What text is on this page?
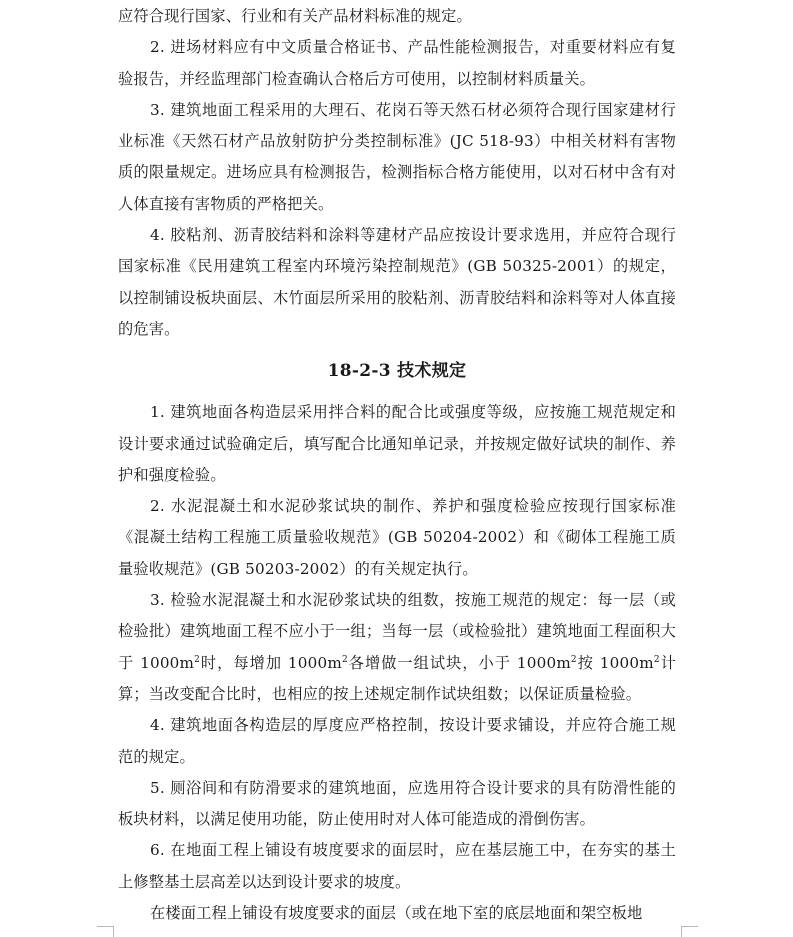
应符合现行国家、行业和有关产品材料标准的规定。

2. 进场材料应有中文质量合格证书、产品性能检测报告，对重要材料应有复验报告，并经监理部门检查确认合格后方可使用，以控制材料质量关。

3. 建筑地面工程采用的大理石、花岗石等天然石材必须符合现行国家建材行业标准《天然石材产品放射防护分类控制标准》(JC 518-93）中相关材料有害物质的限量规定。进场应具有检测报告，检测指标合格方能使用，以对石材中含有对人体直接有害物质的严格把关。

4. 胶粘剂、沥青胶结料和涂料等建材产品应按设计要求选用，并应符合现行国家标准《民用建筑工程室内环境污染控制规范》(GB 50325-2001）的规定，以控制铺设板块面层、木竹面层所采用的胶粘剂、沥青胶结料和涂料等对人体直接的危害。

18-2-3 技术规定

1. 建筑地面各构造层采用拌合料的配合比或强度等级，应按施工规范规定和设计要求通过试验确定后，填写配合比通知单记录，并按规定做好试块的制作、养护和强度检验。

2. 水泥混凝土和水泥砂浆试块的制作、养护和强度检验应按现行国家标准《混凝土结构工程施工质量验收规范》(GB 50204-2002）和《砌体工程施工质量验收规范》(GB 50203-2002）的有关规定执行。

3. 检验水泥混凝土和水泥砂浆试块的组数，按施工规范的规定：每一层（或检验批）建筑地面工程不应小于一组；当每一层（或检验批）建筑地面工程面积大于 $1000m^2$时，每增加 $1000m^2$各增做一组试块，小于 $1000m^2$按 $1000m^2$计算；当改变配合比时，也相应的按上述规定制作试块组数；以保证质量检验。

4. 建筑地面各构造层的厚度应严格控制，按设计要求铺设，并应符合施工规范的规定。

5. 厕浴间和有防滑要求的建筑地面，应选用符合设计要求的具有防滑性能的板块材料，以满足使用功能，防止使用时对人体可能造成的滑倒伤害。

6. 在地面工程上铺设有坡度要求的面层时，应在基层施工中，在夯实的基土上修整基土层高差以达到设计要求的坡度。

在楼面工程上铺设有坡度要求的面层（或在地下室的底层地面和架空板地
